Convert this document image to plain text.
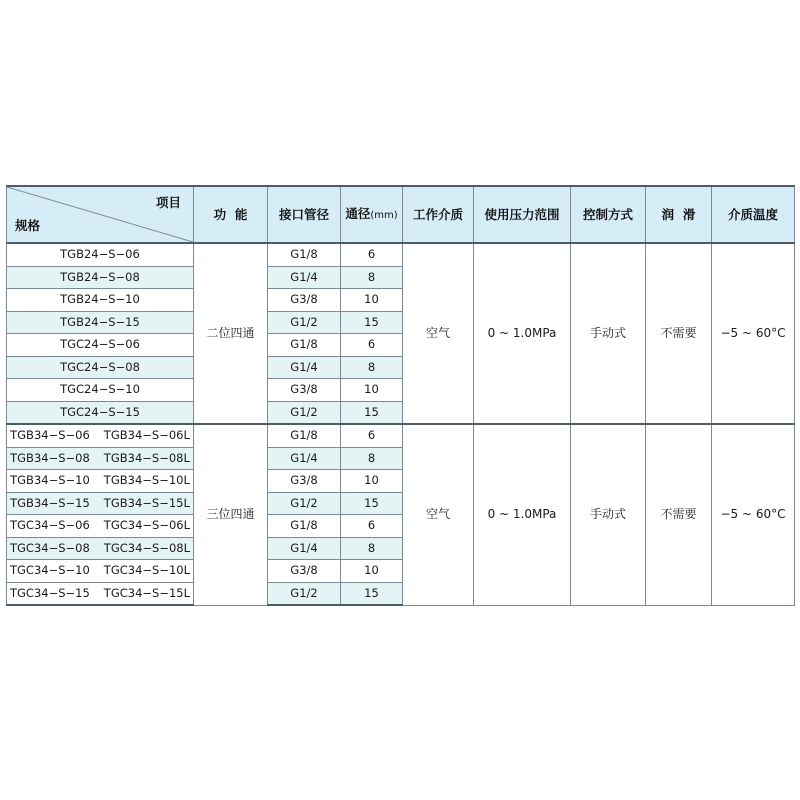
项目
规格	功  能	接口管径	通径(mm)	工作介质	使用压力范围	控制方式	润  滑	介质温度
TGB24−S−06	二位四通	G1/8	6	空气	0 ~ 1.0MPa	手动式	不需要	−5 ~ 60°C
TGB24−S−08		G1/4	8					
TGB24−S−10		G3/8	10					
TGB24−S−15		G1/2	15					
TGC24−S−06		G1/8	6					
TGC24−S−08		G1/4	8					
TGC24−S−10		G3/8	10					
TGC24−S−15		G1/2	15					
TGB34−S−06 TGB34−S−06L	三位四通	G1/8	6	空气	0 ~ 1.0MPa	手动式	不需要	−5 ~ 60°C
TGB34−S−08 TGB34−S−08L		G1/4	8					
TGB34−S−10 TGB34−S−10L		G3/8	10					
TGB34−S−15 TGB34−S−15L		G1/2	15					
TGC34−S−06 TGC34−S−06L		G1/8	6					
TGC34−S−08 TGC34−S−08L		G1/4	8					
TGC34−S−10 TGC34−S−10L		G3/8	10					
TGC34−S−15 TGC34−S−15L		G1/2	15					
